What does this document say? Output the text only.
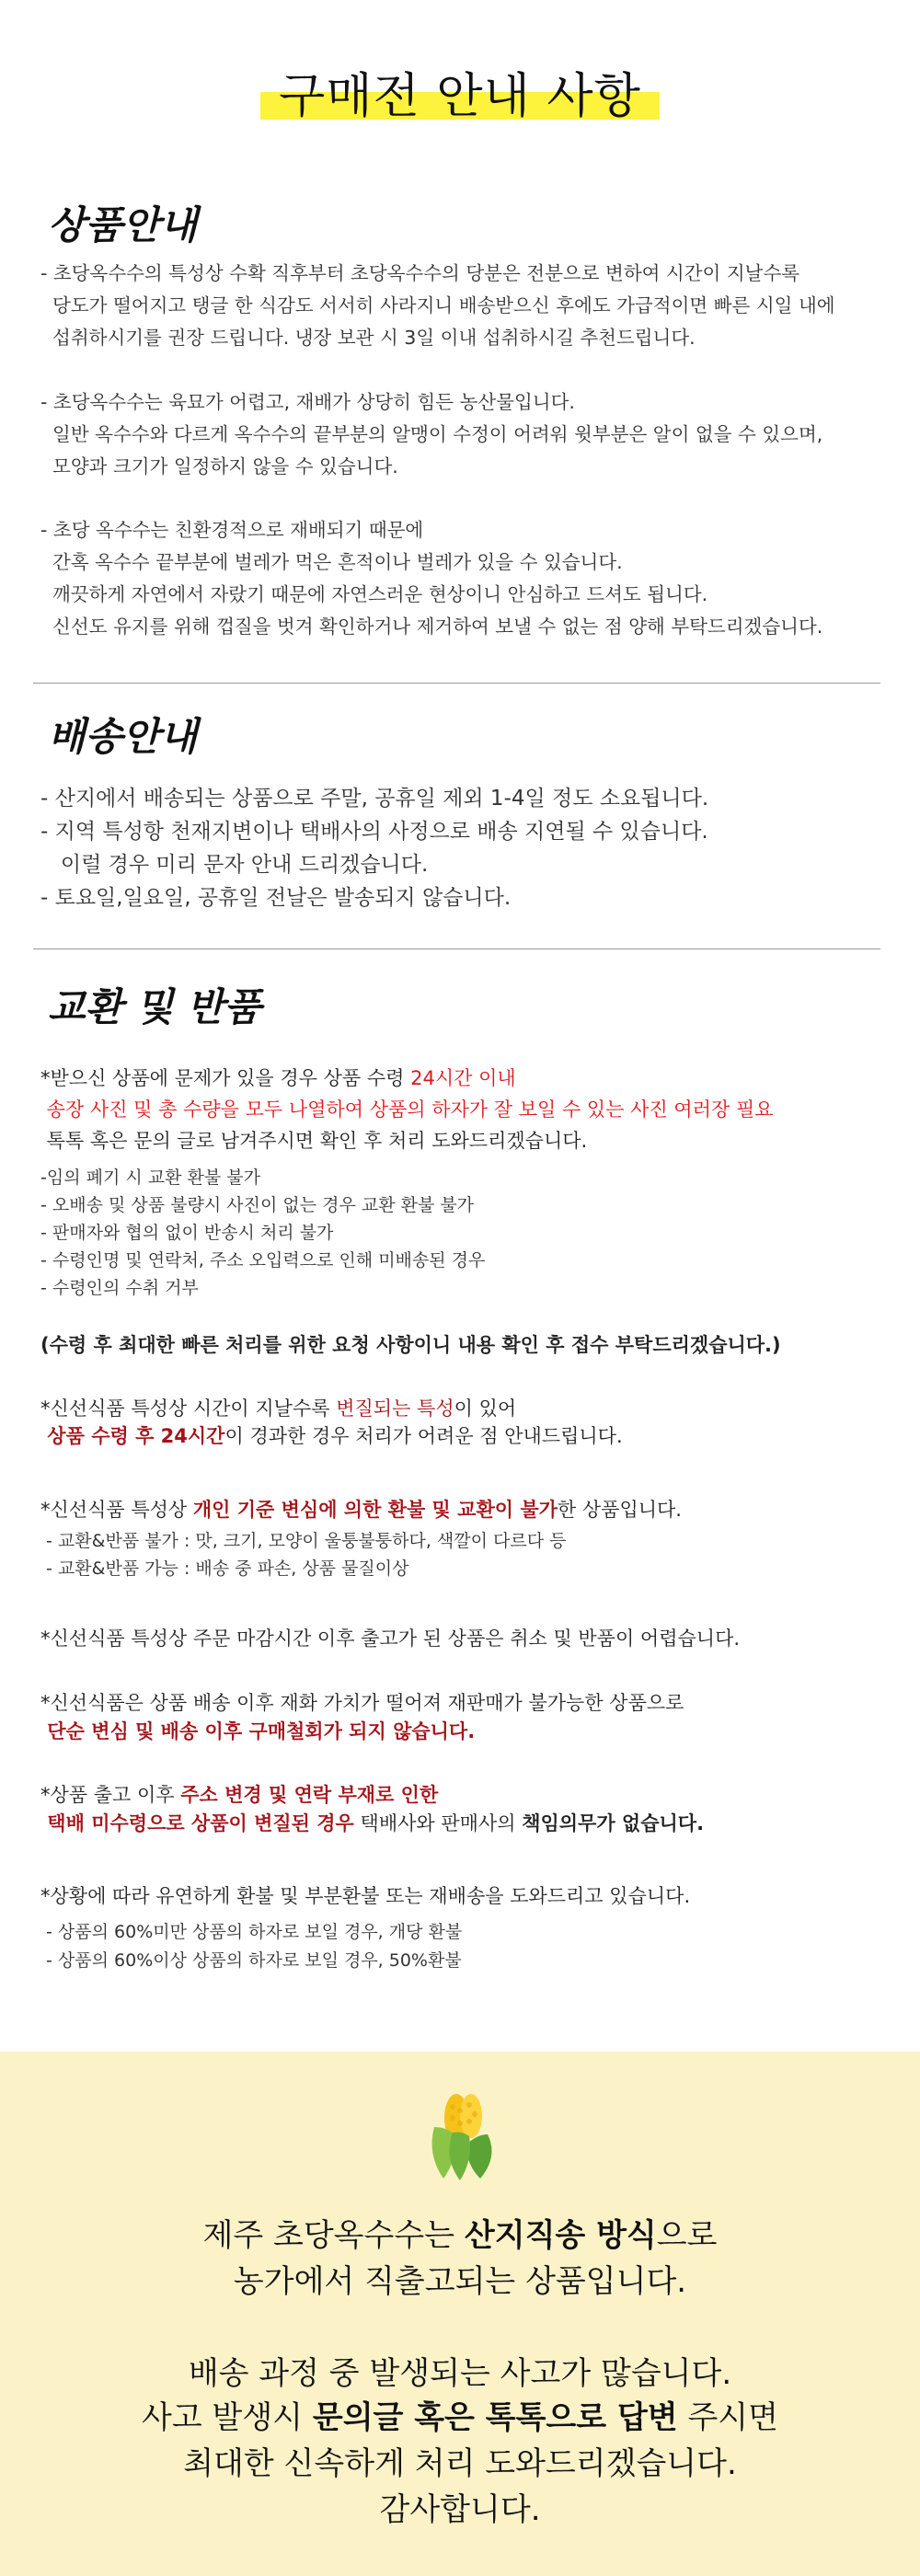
구매전 안내 사항
상품안내
- 초당옥수수의 특성상 수확 직후부터 초당옥수수의 당분은 전분으로 변하여 시간이 지날수록
당도가 떨어지고 탱글 한 식감도 서서히 사라지니 배송받으신 후에도 가급적이면 빠른 시일 내에
섭취하시기를 권장 드립니다. 냉장 보관 시 3일 이내 섭취하시길 추천드립니다.
- 초당옥수수는 육묘가 어렵고, 재배가 상당히 힘든 농산물입니다.
일반 옥수수와 다르게 옥수수의 끝부분의 알맹이 수정이 어려워 윗부분은 알이 없을 수 있으며,
모양과 크기가 일정하지 않을 수 있습니다.
- 초당 옥수수는 친환경적으로 재배되기 때문에
간혹 옥수수 끝부분에 벌레가 먹은 흔적이나 벌레가 있을 수 있습니다.
깨끗하게 자연에서 자랐기 때문에 자연스러운 현상이니 안심하고 드셔도 됩니다.
신선도 유지를 위해 껍질을 벗겨 확인하거나 제거하여 보낼 수 없는 점 양해 부탁드리겠습니다.
배송안내
- 산지에서 배송되는 상품으로 주말, 공휴일 제외 1-4일 정도 소요됩니다.
- 지역 특성항 천재지변이나 택배사의 사정으로 배송 지연될 수 있습니다.
이럴 경우 미리 문자 안내 드리겠습니다.
- 토요일,일요일, 공휴일 전날은 발송되지 않습니다.
교환 및 반품
*받으신 상품에 문제가 있을 경우 상품 수령 24시간 이내
송장 사진 및 총 수량을 모두 나열하여 상품의 하자가 잘 보일 수 있는 사진 여러장 필요
톡톡 혹은 문의 글로 남겨주시면 확인 후 처리 도와드리겠습니다.
-임의 폐기 시 교환 환불 불가
- 오배송 및 상품 불량시 사진이 없는 경우 교환 환불 불가
- 판매자와 협의 없이 반송시 처리 불가
- 수령인명 및 연락처, 주소 오입력으로 인해 미배송된 경우
- 수령인의 수취 거부
(수령 후 최대한 빠른 처리를 위한 요청 사항이니 내용 확인 후 접수 부탁드리겠습니다.)
*신선식품 특성상 시간이 지날수록 변질되는 특성이 있어
상품 수령 후 24시간이 경과한 경우 처리가 어려운 점 안내드립니다.
*신선식품 특성상 개인 기준 변심에 의한 환불 및 교환이 불가한 상품입니다.
- 교환&반품 불가 : 맛, 크기, 모양이 울퉁불퉁하다, 색깔이 다르다 등
- 교환&반품 가능 : 배송 중 파손, 상품 물질이상
*신선식품 특성상 주문 마감시간 이후 출고가 된 상품은 취소 및 반품이 어렵습니다.
*신선식품은 상품 배송 이후 재화 가치가 떨어져 재판매가 불가능한 상품으로
단순 변심 및 배송 이후 구매철회가 되지 않습니다.
*상품 출고 이후 주소 변경 및 연락 부재로 인한
택배 미수령으로 상품이 변질된 경우 택배사와 판매사의 책임의무가 없습니다.
*상황에 따라 유연하게 환불 및 부분환불 또는 재배송을 도와드리고 있습니다.
- 상품의 60%미만 상품의 하자로 보일 경우, 개당 환불
- 상품의 60%이상 상품의 하자로 보일 경우, 50%환불
제주 초당옥수수는 산지직송 방식으로
농가에서 직출고되는 상품입니다.
배송 과정 중 발생되는 사고가 많습니다.
사고 발생시 문의글 혹은 톡톡으로 답변 주시면
최대한 신속하게 처리 도와드리겠습니다.
감사합니다.
